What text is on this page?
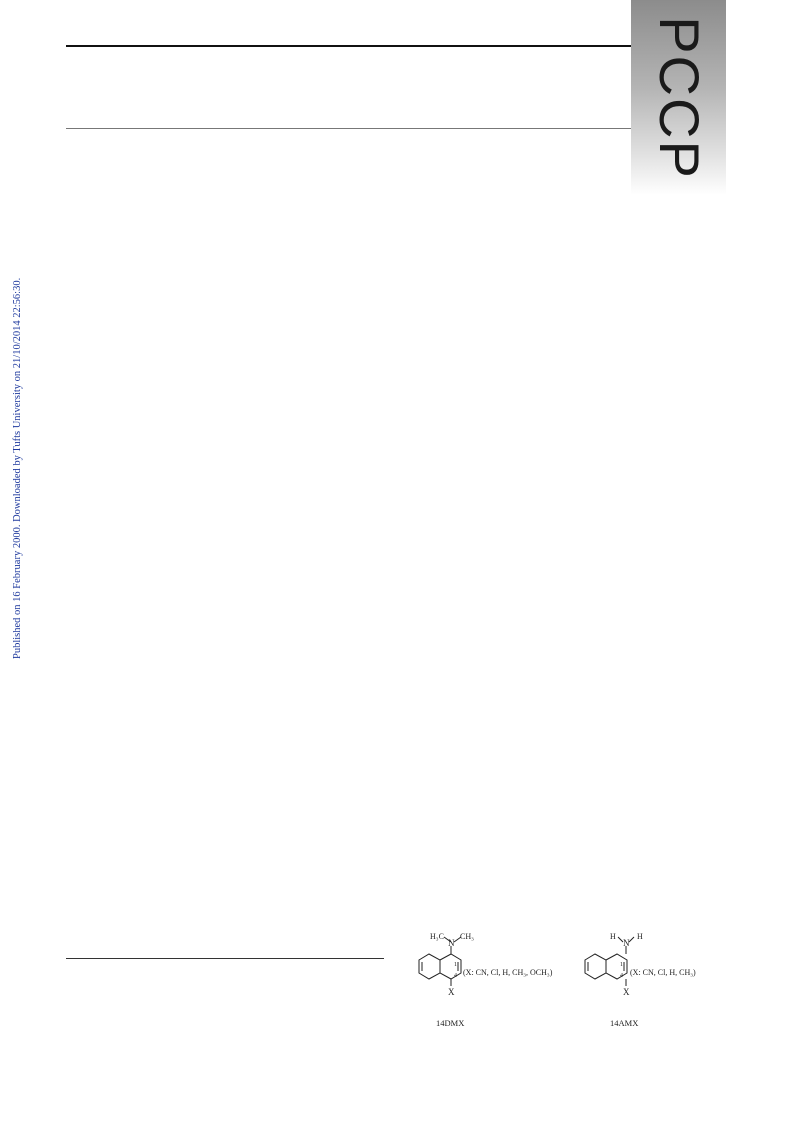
PCCP
Published on 16 February 2000. Downloaded by Tufts University on 21/10/2014 22:56:30.
H₃C
N
CH₃
1
4
X
(X: CN, Cl, H, CH₃, OCH₃)
14DMX
H
N
H
1
4
X
(X: CN, Cl, H, CH₃)
14AMX
